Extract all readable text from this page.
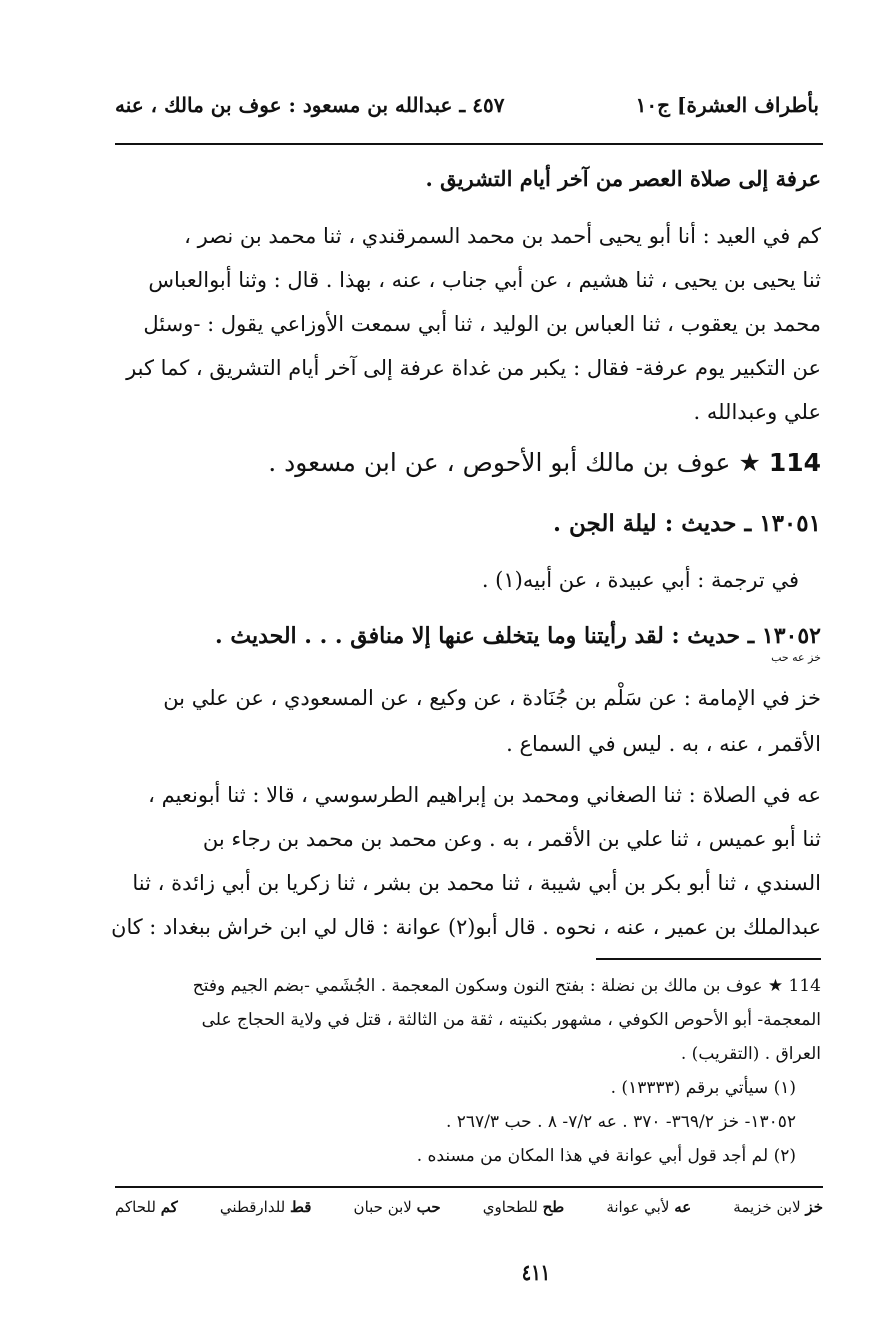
بأطراف العشرة] ج١٠
٤٥٧ ـ عبدالله بن مسعود : عوف بن مالك ، عنه
عرفة إلى صلاة العصر من آخر أيام التشريق .
كم في العيد : أنا أبو يحيى أحمد بن محمد السمرقندي ، ثنا محمد بن نصر ،
ثنا يحيى بن يحيى ، ثنا هشيم ، عن أبي جناب ، عنه ، بهذا . قال : وثنا أبوالعباس
محمد بن يعقوب ، ثنا العباس بن الوليد ، ثنا أبي سمعت الأوزاعي يقول : -وسئل
عن التكبير يوم عرفة- فقال : يكبر من غداة عرفة إلى آخر أيام التشريق ، كما كبر
علي وعبدالله .
114 ★ عوف بن مالك أبو الأحوص ، عن ابن مسعود .
١٣٠٥١ ـ حديث : ليلة الجن .
في ترجمة : أبي عبيدة ، عن أبيه(١) .
١٣٠٥٢ ـ حديث : لقد رأيتنا وما يتخلف عنها إلا منافق . . . الحديث .
خز عه حب
خز في الإمامة : عن سَلْم بن جُنَادة ، عن وكيع ، عن المسعودي ، عن علي بن
الأقمر ، عنه ، به . ليس في السماع .
عه في الصلاة : ثنا الصغاني ومحمد بن إبراهيم الطرسوسي ، قالا : ثنا أبونعيم ،
ثنا أبو عميس ، ثنا علي بن الأقمر ، به . وعن محمد بن محمد بن رجاء بن
السندي ، ثنا أبو بكر بن أبي شيبة ، ثنا محمد بن بشر ، ثنا زكريا بن أبي زائدة ، ثنا
عبدالملك بن عمير ، عنه ، نحوه . قال أبو(٢) عوانة : قال لي ابن خراش ببغداد : كان
114 ★ عوف بن مالك بن نضلة : بفتح النون وسكون المعجمة . الجُشَمي -بضم الجيم وفتح
المعجمة- أبو الأحوص الكوفي ، مشهور بكنيته ، ثقة من الثالثة ، قتل في ولاية الحجاج على
العراق . (التقريب) .
(١) سيأتي برقم (١٣٣٣٣) .
١٣٠٥٢- خز ٣٦٩/٢- ٣٧٠ . عه ٧/٢- ٨ . حب ٢٦٧/٣ .
(٢) لم أجد قول أبي عوانة في هذا المكان من مسنده .
خز لابن خزيمة
عه لأبي عوانة
طح للطحاوي
حب لابن حبان
قط للدارقطني
كم للحاكم
٤١١
